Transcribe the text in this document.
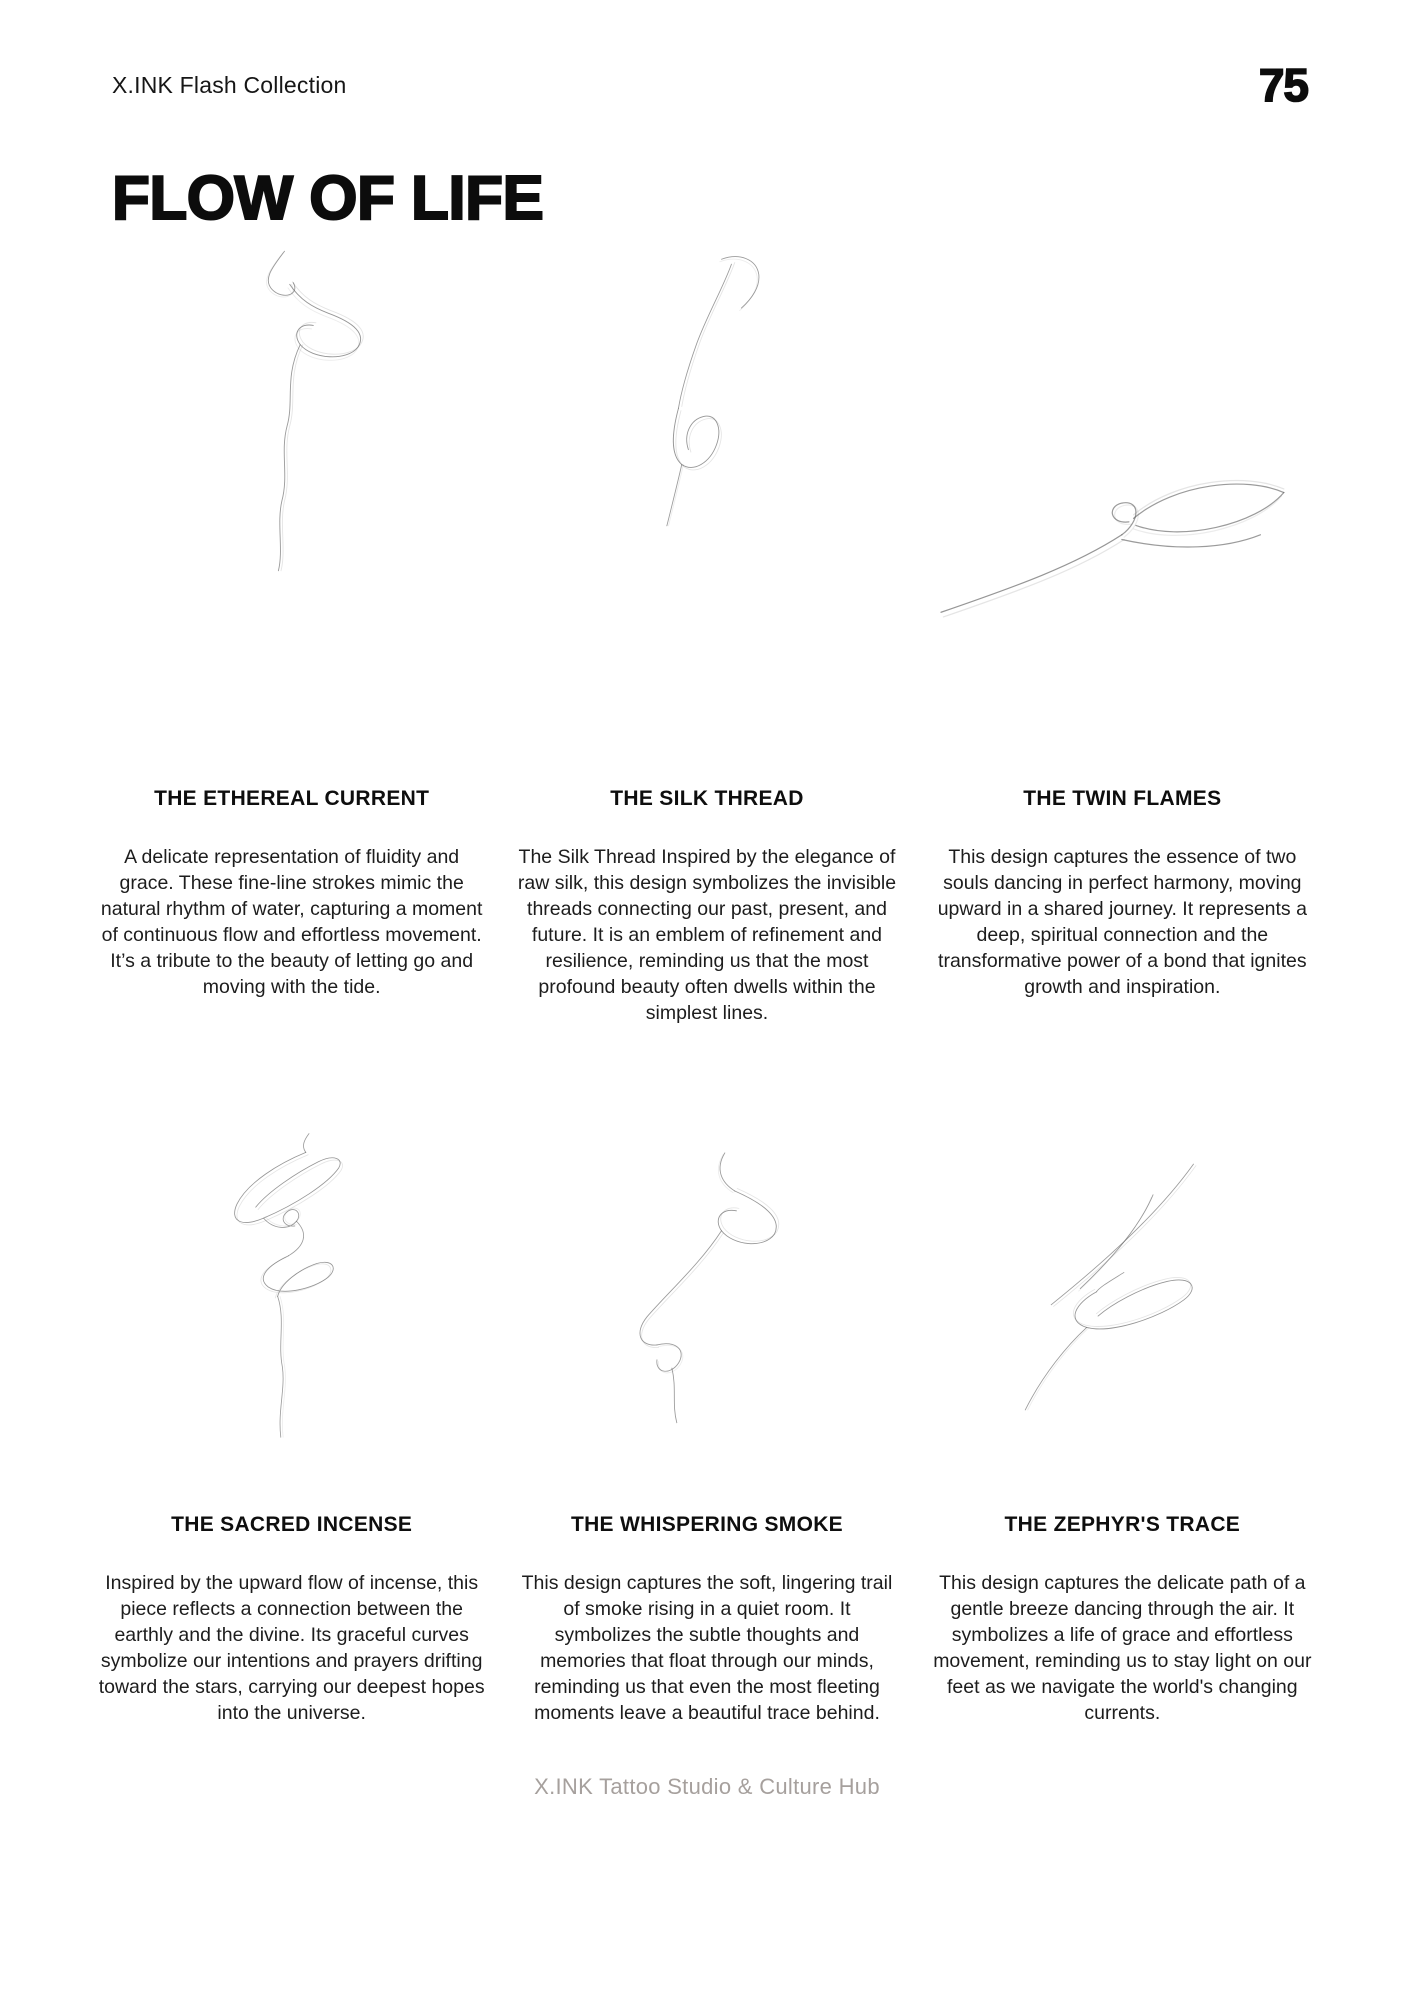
X.INK Flash Collection	75
FLOW OF LIFE
THE ETHEREAL CURRENT

A delicate representation of fluidity and grace. These fine-line strokes mimic the natural rhythm of water, capturing a moment of continuous flow and effortless movement. It’s a tribute to the beauty of letting go and moving with the tide.

THE SILK THREAD

The Silk Thread Inspired by the elegance of raw silk, this design symbolizes the invisible threads connecting our past, present, and future. It is an emblem of refinement and resilience, reminding us that the most profound beauty often dwells within the simplest lines.

THE TWIN FLAMES

This design captures the essence of two souls dancing in perfect harmony, moving upward in a shared journey. It represents a deep, spiritual connection and the transformative power of a bond that ignites growth and inspiration.

THE SACRED INCENSE

Inspired by the upward flow of incense, this piece reflects a connection between the earthly and the divine. Its graceful curves symbolize our intentions and prayers drifting toward the stars, carrying our deepest hopes into the universe.

THE WHISPERING SMOKE

This design captures the soft, lingering trail of smoke rising in a quiet room. It symbolizes the subtle thoughts and memories that float through our minds, reminding us that even the most fleeting moments leave a beautiful trace behind.

THE ZEPHYR'S TRACE

This design captures the delicate path of a gentle breeze dancing through the air. It symbolizes a life of grace and effortless movement, reminding us to stay light on our feet as we navigate the world's changing currents.

X.INK Tattoo Studio & Culture Hub
